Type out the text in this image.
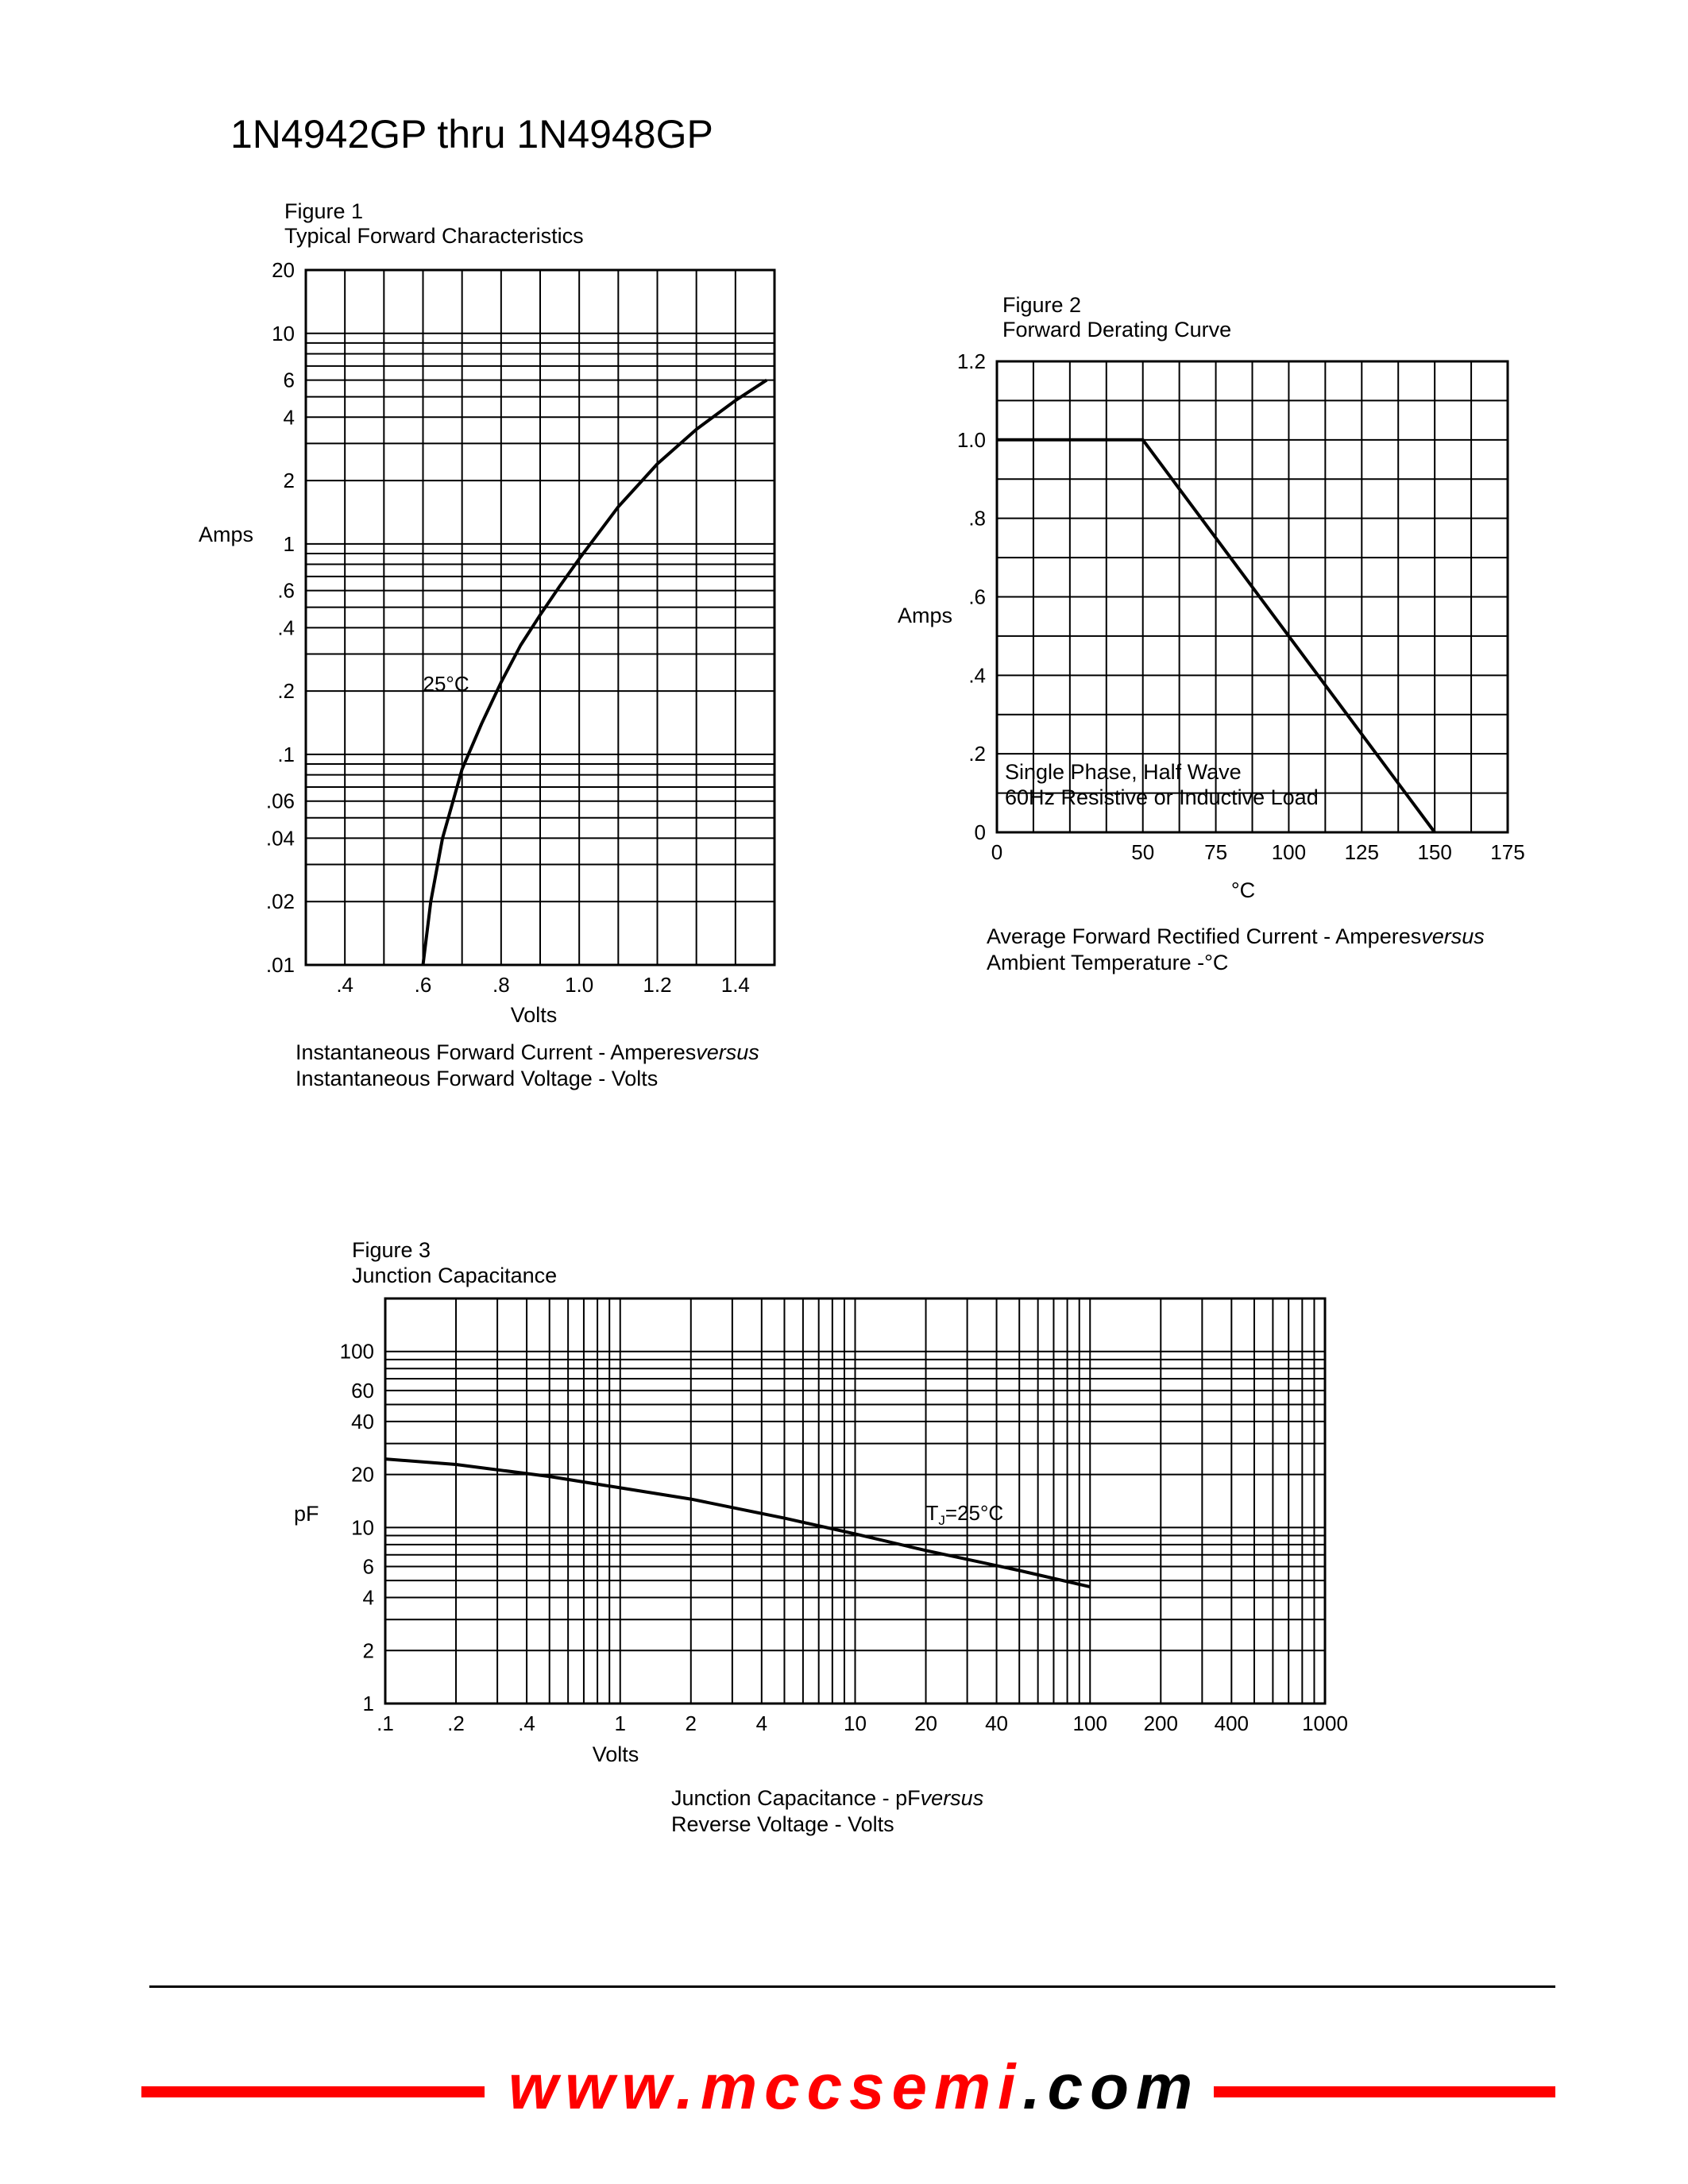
1N4942GP thru 1N4948GP
Figure 1
Typical Forward Characteristics
.4	.6	.8	1.0 1.2 1.4
20
10
6
4
2
1
.6
.4
.2
.1
.06
.04
.02
.01
Volts
Amps
25°C
Instantaneous Forward Current - Amperesversus
Instantaneous Forward Voltage - Volts
Figure 2
Forward Derating Curve
0	50 75 100 125 150 175
1.2
1.0
.8
.6
.4
.2
0
°C
Amps
Single Phase, Half Wave
60Hz Resistive or Inductive Load
Average Forward Rectified Current - Amperesversus
Ambient Temperature -°C
Figure 3
Junction Capacitance
.1	.2	.4	1	2	4	10 20 40	100 200 400	1000
100
60
40
20
10
6
4
2
1
Volts
pF	$T_J=25^\circ C$
Junction Capacitance - pFversus
Reverse Voltage - Volts
www.mccsemi.com
